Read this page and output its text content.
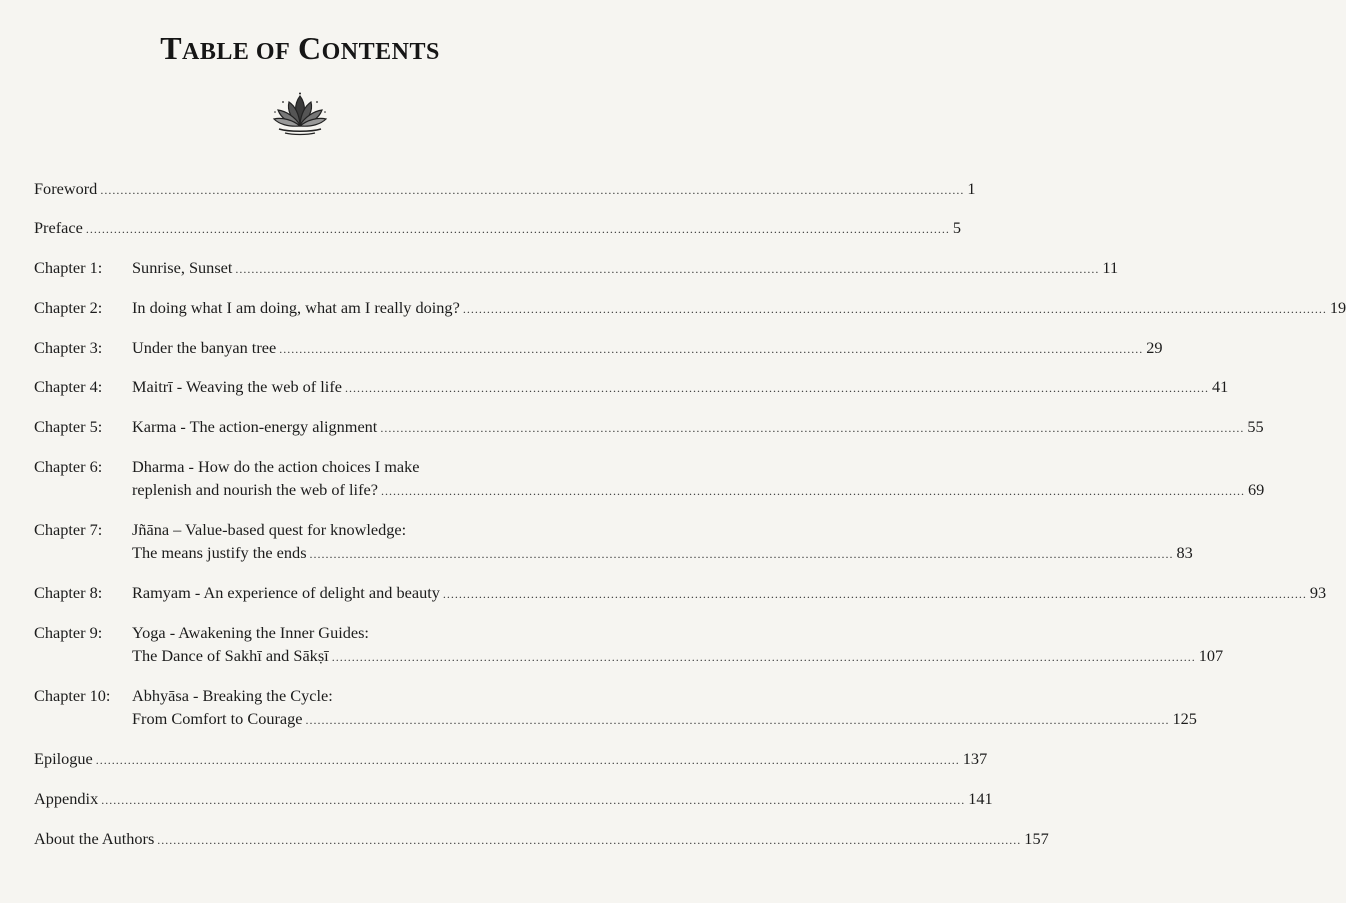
TABLE OF CONTENTS
Foreword .....	1
Preface .....	5
Chapter 1:	Sunrise, Sunset .....	11
Chapter 2:	In doing what I am doing, what am I really doing? .....	19
Chapter 3:	Under the banyan tree .....	29
Chapter 4:	Maitrī - Weaving the web of life .....	41
Chapter 5:	Karma - The action-energy alignment .....	55
Chapter 6:	Dharma - How do the action choices I make
replenish and nourish the web of life? .....	69
Chapter 7:	Jñāna – Value-based quest for knowledge:
The means justify the ends .....	83
Chapter 8:	Ramyam - An experience of delight and beauty .....	93
Chapter 9:	Yoga - Awakening the Inner Guides:
The Dance of Sakhī and Sākṣī .....	107
Chapter 10:	Abhyāsa - Breaking the Cycle:
From Comfort to Courage .....	125
Epilogue .....	137
Appendix .....	141
About the Authors .....	157
